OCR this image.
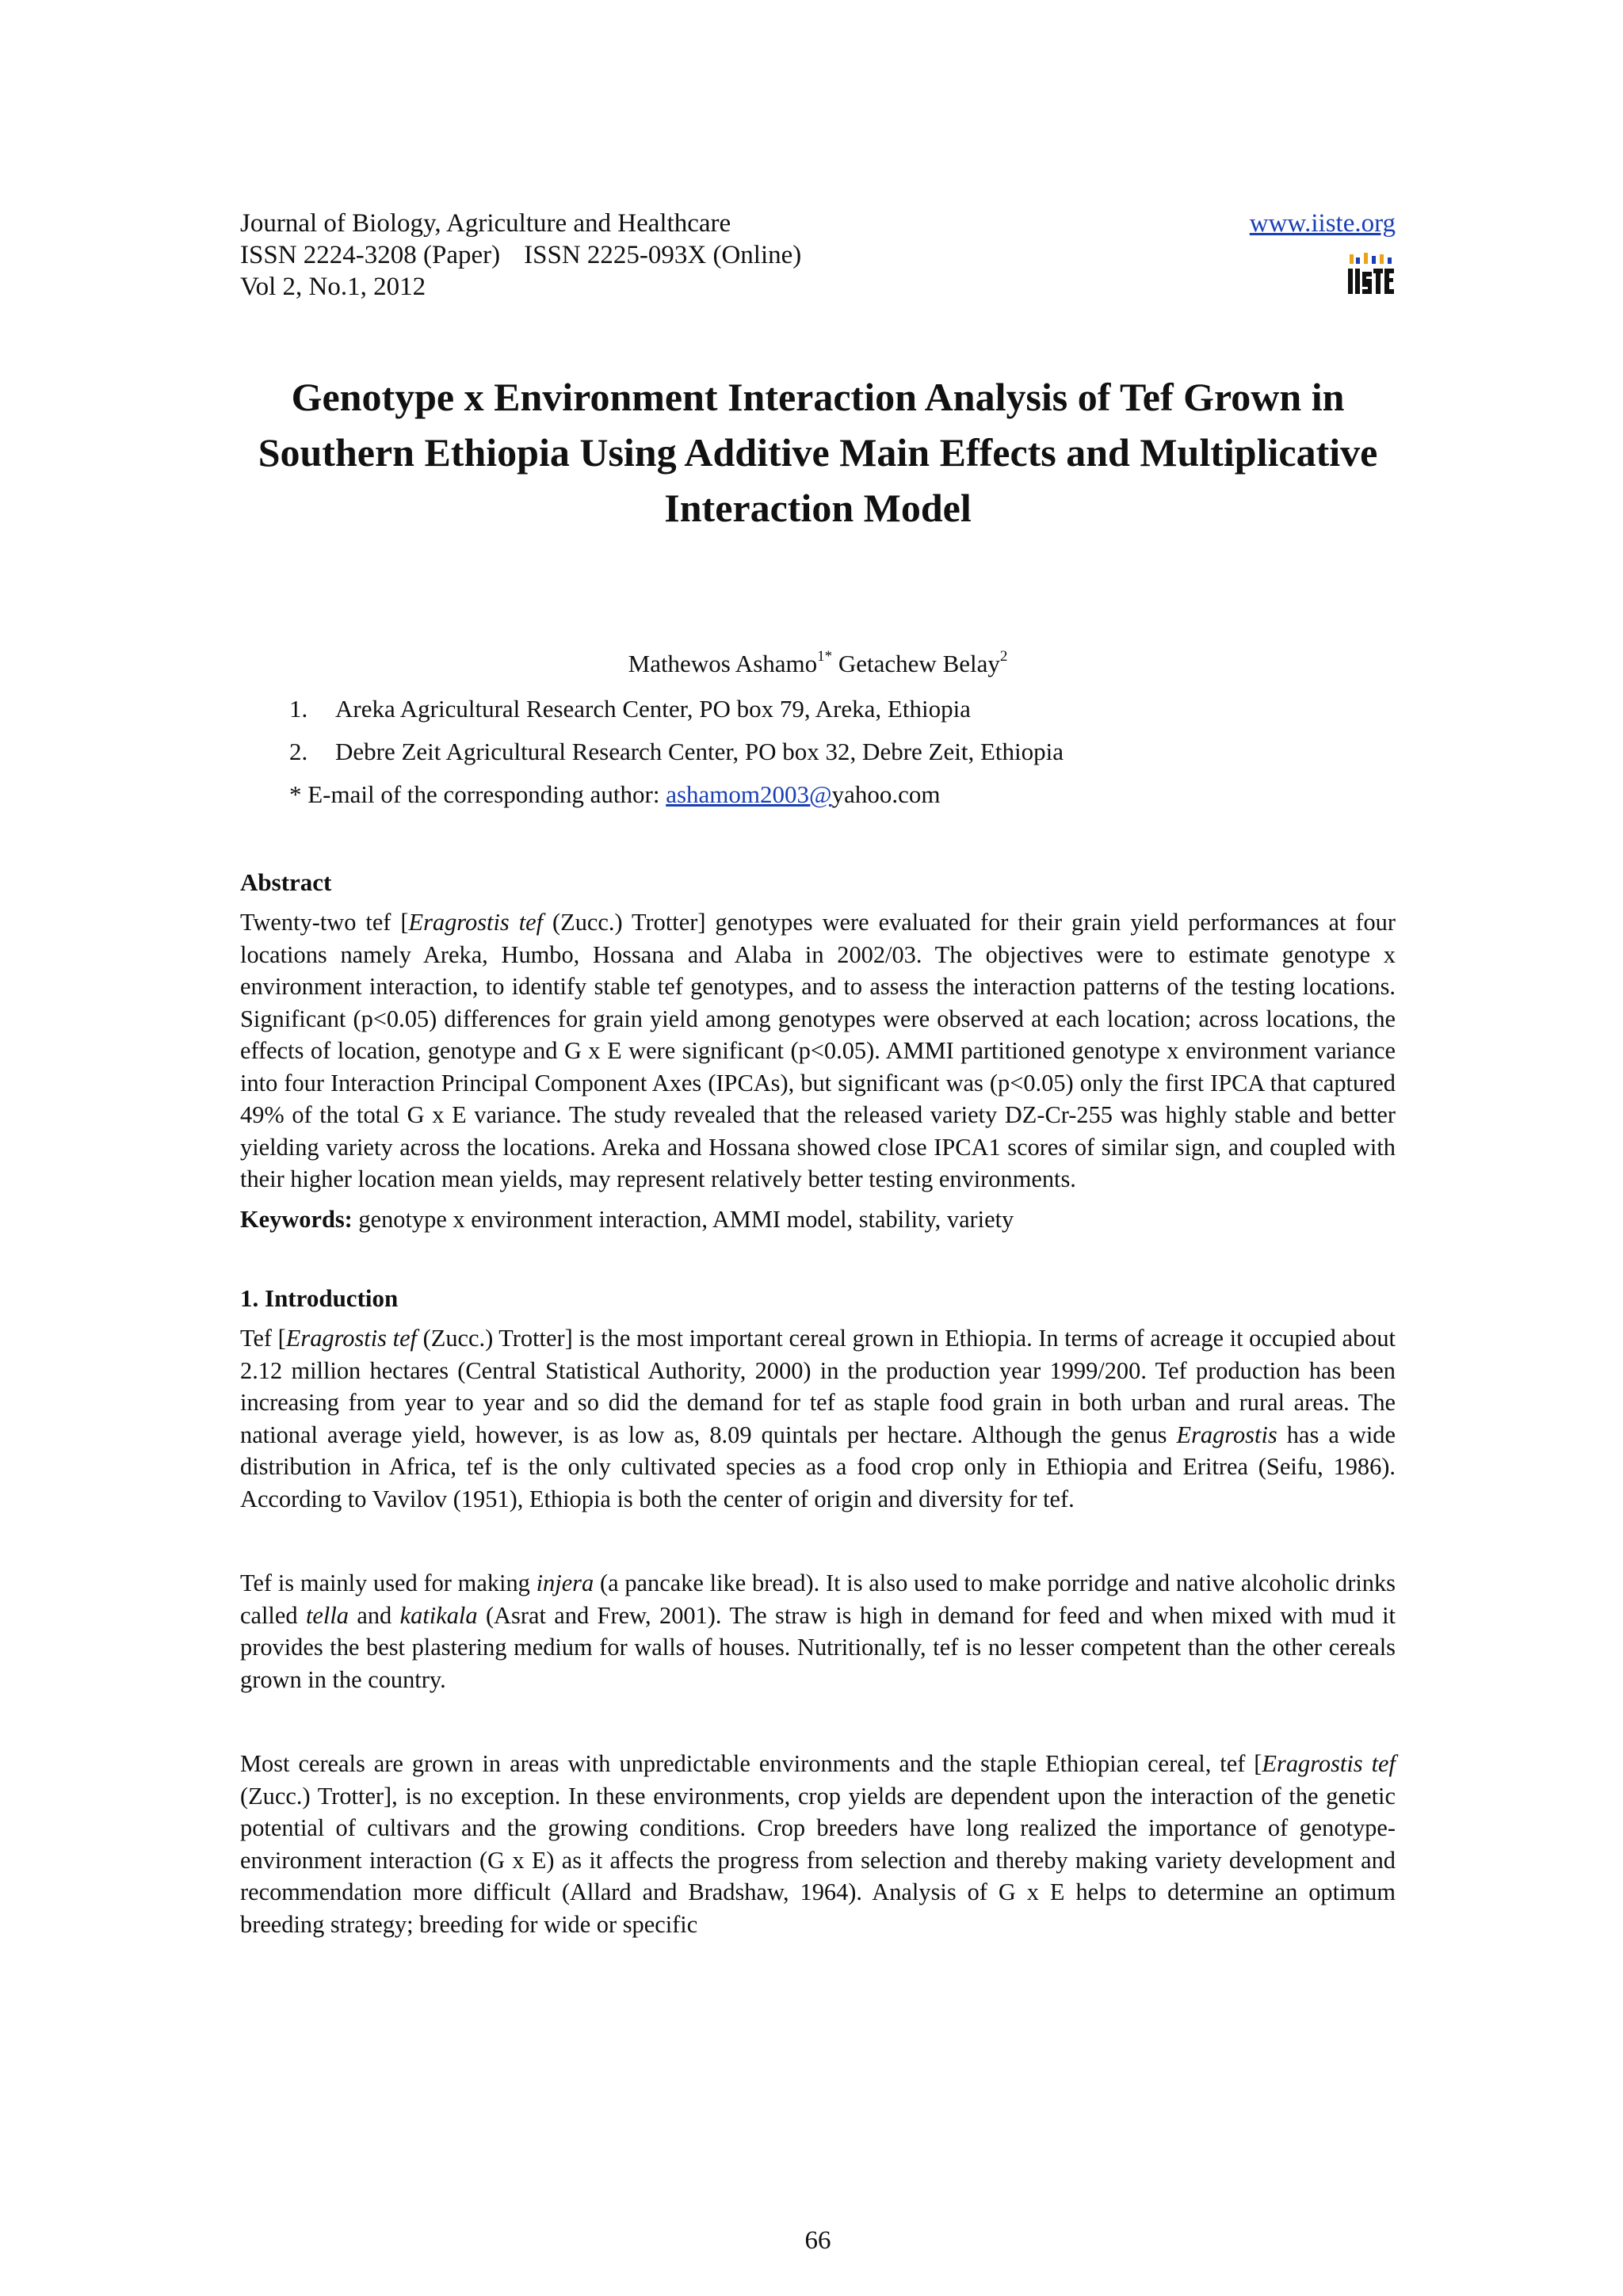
Journal of Biology, Agriculture and Healthcare
ISSN 2224-3208 (Paper) ISSN 2225-093X (Online)
Vol 2, No.1, 2012
www.iiste.org
Genotype x Environment Interaction Analysis of Tef Grown in Southern Ethiopia Using Additive Main Effects and Multiplicative Interaction Model
Mathewos Ashamo$^{1*}$ Getachew Belay$^2$
1. Areka Agricultural Research Center, PO box 79, Areka, Ethiopia
2. Debre Zeit Agricultural Research Center, PO box 32, Debre Zeit, Ethiopia
* E-mail of the corresponding author: ashamom2003@yahoo.com
Abstract

Twenty-two tef [Eragrostis tef (Zucc.) Trotter] genotypes were evaluated for their grain yield performances at four locations namely Areka, Humbo, Hossana and Alaba in 2002/03. The objectives were to estimate genotype x environment interaction, to identify stable tef genotypes, and to assess the interaction patterns of the testing locations. Significant (p<0.05) differences for grain yield among genotypes were observed at each location; across locations, the effects of location, genotype and G x E were significant (p<0.05). AMMI partitioned genotype x environment variance into four Interaction Principal Component Axes (IPCAs), but significant was (p<0.05) only the first IPCA that captured 49% of the total G x E variance. The study revealed that the released variety DZ-Cr-255 was highly stable and better yielding variety across the locations. Areka and Hossana showed close IPCA1 scores of similar sign, and coupled with their higher location mean yields, may represent relatively better testing environments.

Keywords: genotype x environment interaction, AMMI model, stability, variety

1. Introduction

Tef [Eragrostis tef (Zucc.) Trotter] is the most important cereal grown in Ethiopia. In terms of acreage it occupied about 2.12 million hectares (Central Statistical Authority, 2000) in the production year 1999/200. Tef production has been increasing from year to year and so did the demand for tef as staple food grain in both urban and rural areas. The national average yield, however, is as low as, 8.09 quintals per hectare. Although the genus Eragrostis has a wide distribution in Africa, tef is the only cultivated species as a food crop only in Ethiopia and Eritrea (Seifu, 1986). According to Vavilov (1951), Ethiopia is both the center of origin and diversity for tef.

Tef is mainly used for making injera (a pancake like bread). It is also used to make porridge and native alcoholic drinks called tella and katikala (Asrat and Frew, 2001). The straw is high in demand for feed and when mixed with mud it provides the best plastering medium for walls of houses. Nutritionally, tef is no lesser competent than the other cereals grown in the country.

Most cereals are grown in areas with unpredictable environments and the staple Ethiopian cereal, tef [Eragrostis tef (Zucc.) Trotter], is no exception. In these environments, crop yields are dependent upon the interaction of the genetic potential of cultivars and the growing conditions. Crop breeders have long realized the importance of genotype-environment interaction (G x E) as it affects the progress from selection and thereby making variety development and recommendation more difficult (Allard and Bradshaw, 1964). Analysis of G x E helps to determine an optimum breeding strategy; breeding for wide or specific

66
